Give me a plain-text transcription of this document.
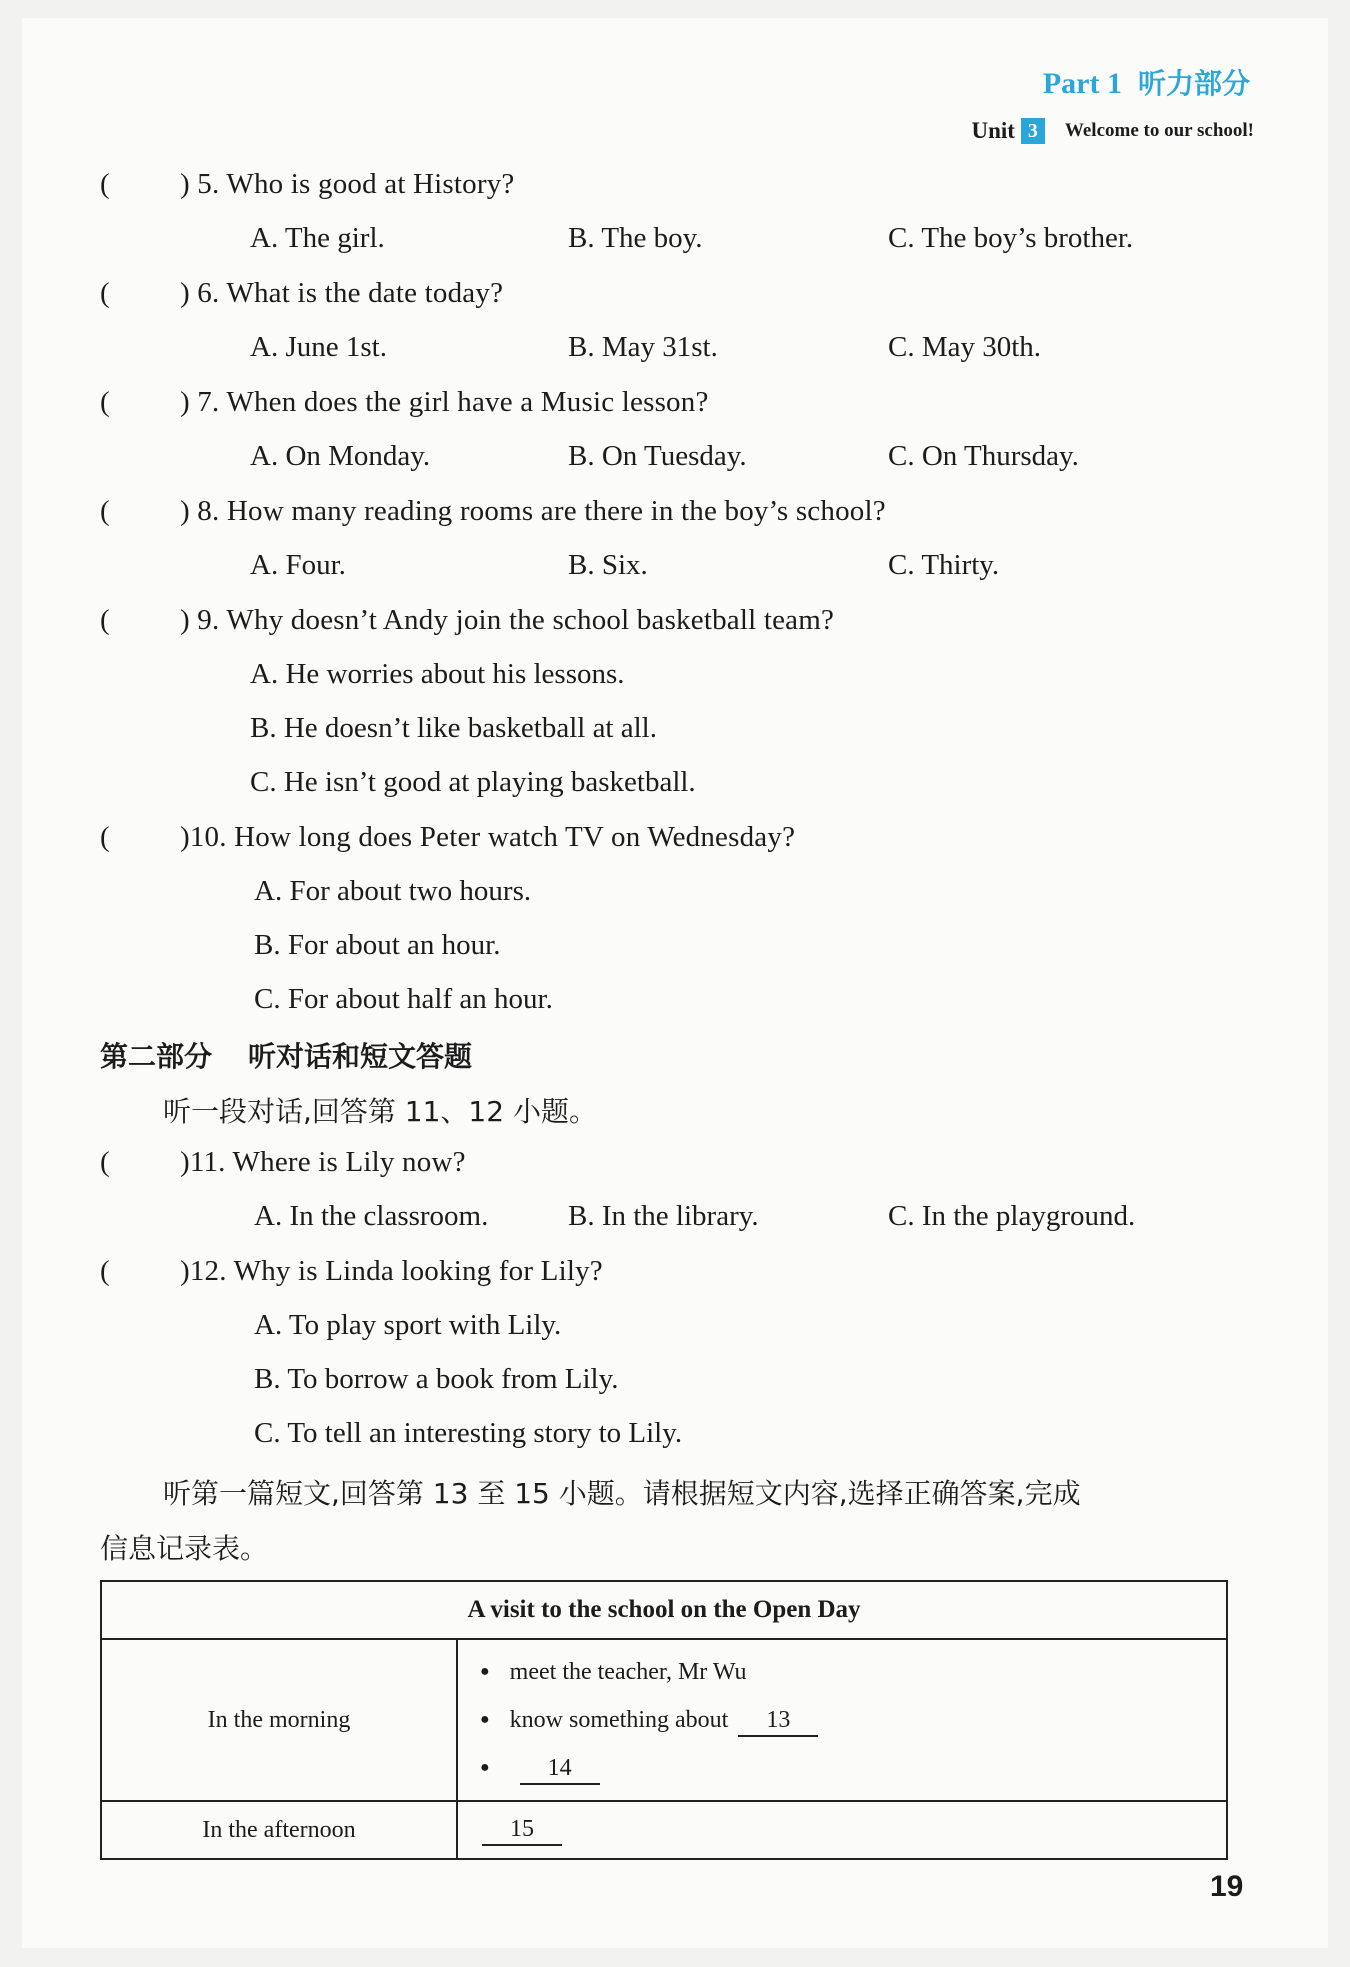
Part 1 听力部分
Unit 3	Welcome to our school!
( ) 5. Who is good at History?
A. The girl.	B. The boy.	C. The boy’s brother.
( ) 6. What is the date today?
A. June 1st.	B. May 31st.	C. May 30th.
( ) 7. When does the girl have a Music lesson?
A. On Monday.	B. On Tuesday.	C. On Thursday.
( ) 8. How many reading rooms are there in the boy’s school?
A. Four.	B. Six.	C. Thirty.
( ) 9. Why doesn’t Andy join the school basketball team?
A. He worries about his lessons.
B. He doesn’t like basketball at all.
C. He isn’t good at playing basketball.
( )10. How long does Peter watch TV on Wednesday?
A. For about two hours.
B. For about an hour.
C. For about half an hour.
第二部分 听对话和短文答题
听一段对话,回答第 11、12 小题。
( )11. Where is Lily now?
A. In the classroom.	B. In the library.	C. In the playground.
( )12. Why is Linda looking for Lily?
A. To play sport with Lily.
B. To borrow a book from Lily.
C. To tell an interesting story to Lily.
听第一篇短文,回答第 13 至 15 小题。请根据短文内容,选择正确答案,完成
信息记录表。
A visit to the school on the Open Day	
In the morning	● meet the teacher, Mr Wu
● know something about 13
● 14

In the afternoon	15
19
